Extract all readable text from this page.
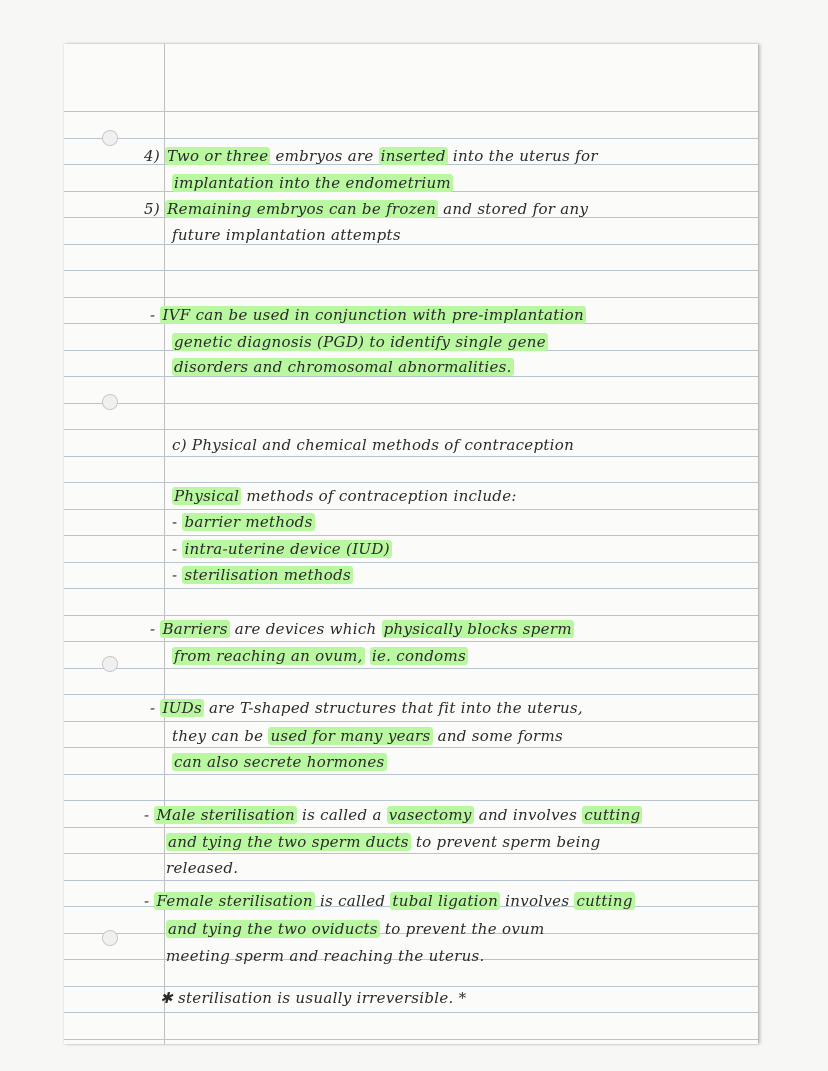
4) Two or three embryos are inserted into the uterus for
implantation into the endometrium
5) Remaining embryos can be frozen and stored for any
future implantation attempts
- IVF can be used in conjunction with pre-implantation
genetic diagnosis (PGD) to identify single gene
disorders and chromosomal abnormalities.
c) Physical and chemical methods of contraception
Physical methods of contraception include:
- barrier methods
- intra-uterine device (IUD)
- sterilisation methods
- Barriers are devices which physically blocks sperm
from reaching an ovum, ie. condoms
- IUDs are T-shaped structures that fit into the uterus,
they can be used for many years and some forms
can also secrete hormones
- Male sterilisation is called a vasectomy and involves cutting
and tying the two sperm ducts to prevent sperm being
released.
- Female sterilisation is called tubal ligation involves cutting
and tying the two oviducts to prevent the ovum
meeting sperm and reaching the uterus.
✱ sterilisation is usually irreversible. *
